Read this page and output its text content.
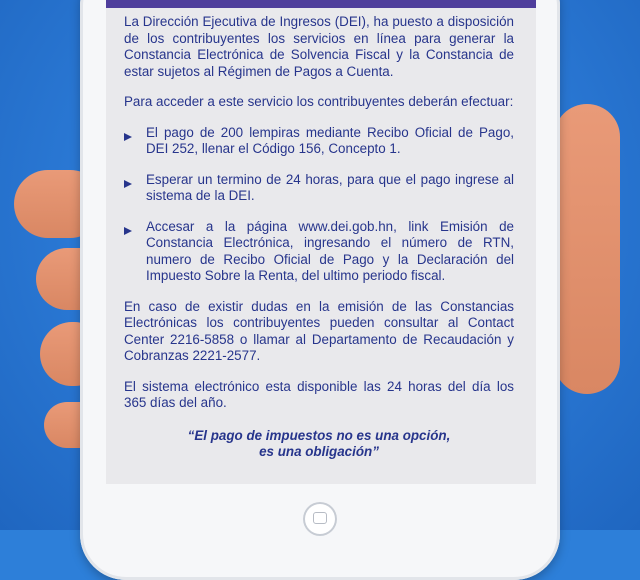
La Dirección Ejecutiva de Ingresos (DEI), ha puesto a disposición de los contribuyentes los servicios en línea para generar la Constancia Electrónica de Solvencia Fiscal y la Constancia de estar sujetos al Régimen de Pagos a Cuenta.

Para acceder a este servicio los contribuyentes deberán efectuar:

El pago de 200 lempiras mediante Recibo Oficial de Pago, DEI 252, llenar el Código 156, Concepto 1.
Esperar un termino de 24 horas, para que el pago ingrese al sistema de la DEI.
Accesar a la página www.dei.gob.hn, link Emisión de Constancia Electrónica, ingresando el número de RTN, numero de Recibo Oficial de Pago y la Declaración del Impuesto Sobre la Renta, del ultimo periodo fiscal.

En caso de existir dudas en la emisión de las Constancias Electrónicas los contribuyentes pueden consultar al Contact Center 2216-5858 o llamar al Departamento de Recaudación y Cobranzas 2221-2577.

El sistema electrónico esta disponible las 24 horas del día los 365 días del año.

“El pago de impuestos no es una opción,
es una obligación”
